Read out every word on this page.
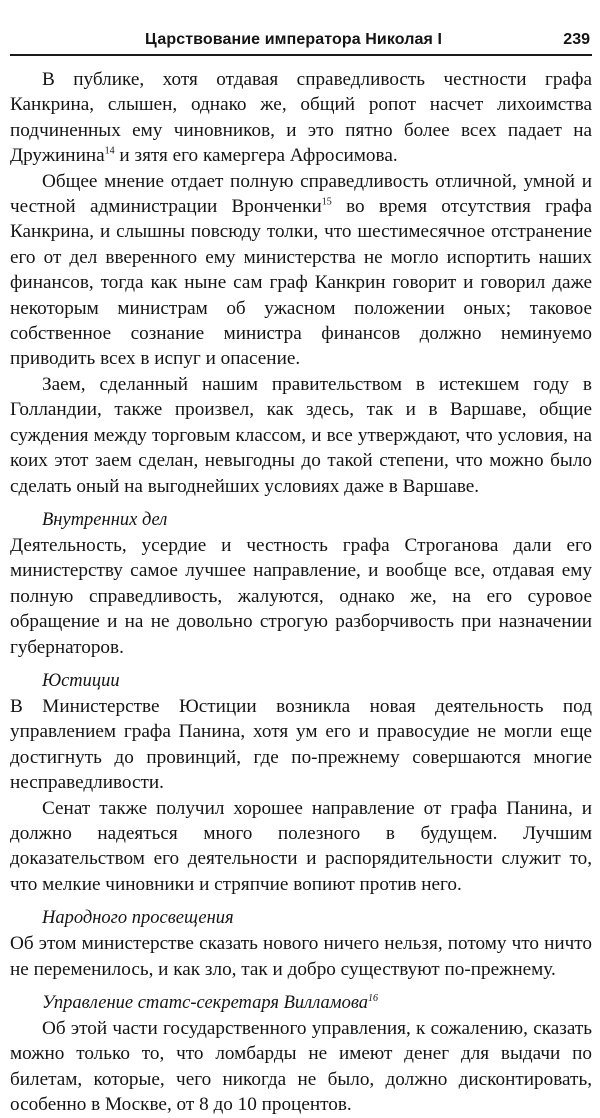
Царствование императора Николая I	239

В публике, хотя отдавая справедливость честности графа Канкрина, слышен, однако же, общий ропот насчет лихоимства подчиненных ему чиновников, и это пятно более всех падает на Дружинина$^{14}$ и зятя его камергера Афросимова.

Общее мнение отдает полную справедливость отличной, умной и честной администрации Вронченки$^{15}$ во время отсутствия графа Канкрина, и слышны повсюду толки, что шестимесячное отстранение его от дел вверенного ему министерства не могло испортить наших финансов, тогда как ныне сам граф Канкрин говорит и говорил даже некоторым министрам об ужасном положении оных; таковое собственное сознание министра финансов должно неминуемо приводить всех в испуг и опасение.

Заем, сделанный нашим правительством в истекшем году в Голландии, также произвел, как здесь, так и в Варшаве, общие суждения между торговым классом, и все утверждают, что условия, на коих этот заем сделан, невыгодны до такой степени, что можно было сделать оный на выгоднейших условиях даже в Варшаве.

Внутренних дел

Деятельность, усердие и честность графа Строганова дали его министерству самое лучшее направление, и вообще все, отдавая ему полную справедливость, жалуются, однако же, на его суровое обращение и на не довольно строгую разборчивость при назначении губернаторов.

Юстиции

В Министерстве Юстиции возникла новая деятельность под управлением графа Панина, хотя ум его и правосудие не могли еще достигнуть до провинций, где по-прежнему совершаются многие несправедливости.

Сенат также получил хорошее направление от графа Панина, и должно надеяться много полезного в будущем. Лучшим доказательством его деятельности и распорядительности служит то, что мелкие чиновники и стряпчие вопиют против него.

Народного просвещения

Об этом министерстве сказать нового ничего нельзя, потому что ничто не переменилось, и как зло, так и добро существуют по-прежнему.

Управление статс-секретаря Вилламова$^{16}$

Об этой части государственного управления, к сожалению, сказать можно только то, что ломбарды не имеют денег для выдачи по билетам, которые, чего никогда не было, должно дисконтировать, особенно в Москве, от 8 до 10 процентов.
